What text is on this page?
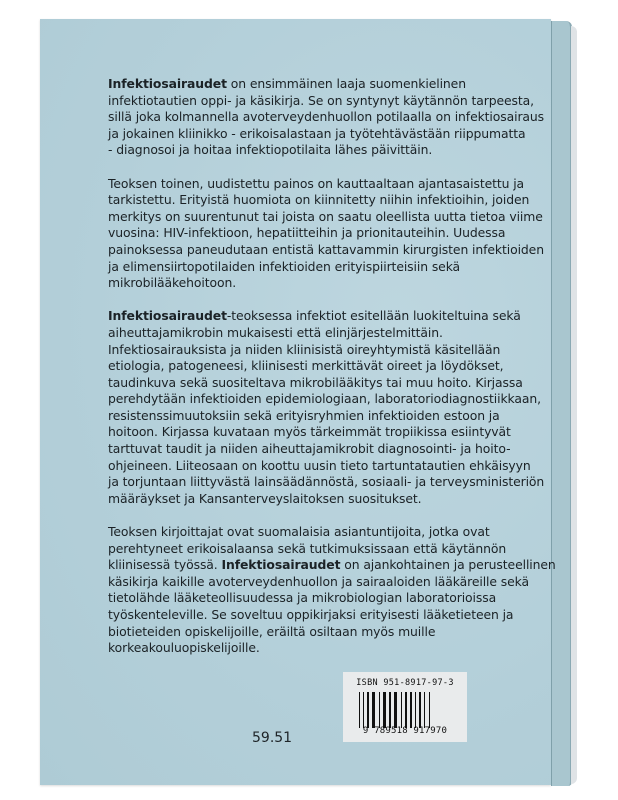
Infektiosairaudet on ensimmäinen laaja suomenkielinen
infektiotautien oppi- ja käsikirja. Se on syntynyt käytännön tarpeesta,
sillä joka kolmannella avoterveydenhuollon potilaalla on infektiosairaus
ja jokainen kliinikko - erikoisalastaan ja työtehtävästään riippumatta
- diagnosoi ja hoitaa infektiopotilaita lähes päivittäin.
Teoksen toinen, uudistettu painos on kauttaaltaan ajantasaistettu ja
tarkistettu. Erityistä huomiota on kiinnitetty niihin infektioihin, joiden
merkitys on suurentunut tai joista on saatu oleellista uutta tietoa viime
vuosina: HIV-infektioon, hepatiitteihin ja prionitauteihin. Uudessa
painoksessa paneudutaan entistä kattavammin kirurgisten infektioiden
ja elimensiirtopotilaiden infektioiden erityispiirteisiin sekä
mikrobilääkehoitoon.
Infektiosairaudet-teoksessa infektiot esitellään luokiteltuina sekä
aiheuttajamikrobin mukaisesti että elinjärjestelmittäin.
Infektiosairauksista ja niiden kliinisistä oireyhtymistä käsitellään
etiologia, patogeneesi, kliinisesti merkittävät oireet ja löydökset,
taudinkuva sekä suositeltava mikrobilääkitys tai muu hoito. Kirjassa
perehdytään infektioiden epidemiologiaan, laboratoriodiagnostiikkaan,
resistenssimuutoksiin sekä erityisryhmien infektioiden estoon ja
hoitoon. Kirjassa kuvataan myös tärkeimmät tropiikissa esiintyvät
tarttuvat taudit ja niiden aiheuttajamikrobit diagnosointi- ja hoito-
ohjeineen. Liiteosaan on koottu uusin tieto tartuntatautien ehkäisyyn
ja torjuntaan liittyvästä lainsäädännöstä, sosiaali- ja terveysministeriön
määräykset ja Kansanterveyslaitoksen suositukset.
Teoksen kirjoittajat ovat suomalaisia asiantuntijoita, jotka ovat
perehtyneet erikoisalaansa sekä tutkimuksissaan että käytännön
kliinisessä työssä. Infektiosairaudet on ajankohtainen ja perusteellinen
käsikirja kaikille avoterveydenhuollon ja sairaaloiden lääkäreille sekä
tietolähde lääketeollisuudessa ja mikrobiologian laboratorioissa
työskenteleville. Se soveltuu oppikirjaksi erityisesti lääketieteen ja
biotieteiden opiskelijoille, eräiltä osiltaan myös muille
korkeakouluopiskelijoille.
59.51
ISBN 951-8917-97-3
9 789518 917970
